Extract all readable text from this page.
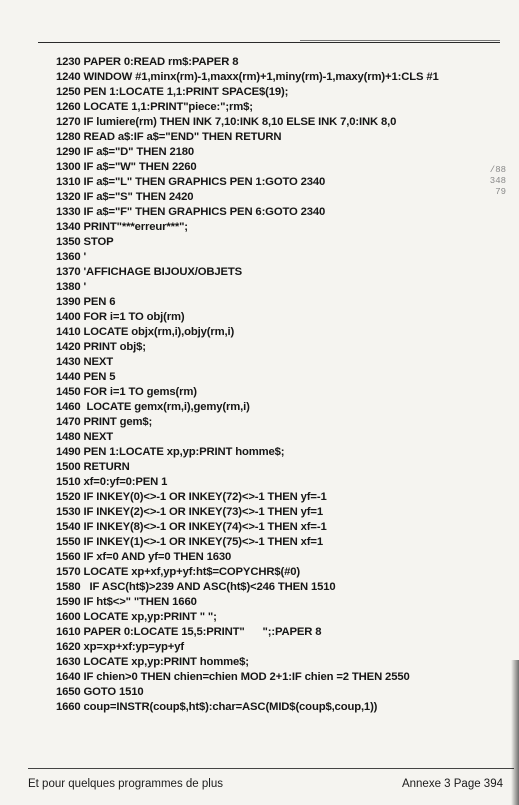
1230 PAPER 0:READ rm$:PAPER 8
1240 WINDOW #1,minx(rm)-1,maxx(rm)+1,miny(rm)-1,maxy(rm)+1:CLS #1
1250 PEN 1:LOCATE 1,1:PRINT SPACE$(19);
1260 LOCATE 1,1:PRINT"piece:";rm$;
1270 IF lumiere(rm) THEN INK 7,10:INK 8,10 ELSE INK 7,0:INK 8,0
1280 READ a$:IF a$="END" THEN RETURN
1290 IF a$="D" THEN 2180
1300 IF a$="W" THEN 2260
1310 IF a$="L" THEN GRAPHICS PEN 1:GOTO 2340
1320 IF a$="S" THEN 2420
1330 IF a$="F" THEN GRAPHICS PEN 6:GOTO 2340
1340 PRINT"***erreur***";
1350 STOP
1360 '
1370 'AFFICHAGE BIJOUX/OBJETS
1380 '
1390 PEN 6
1400 FOR i=1 TO obj(rm)
1410 LOCATE objx(rm,i),objy(rm,i)
1420 PRINT obj$;
1430 NEXT
1440 PEN 5
1450 FOR i=1 TO gems(rm)
1460  LOCATE gemx(rm,i),gemy(rm,i)
1470 PRINT gem$;
1480 NEXT
1490 PEN 1:LOCATE xp,yp:PRINT homme$;
1500 RETURN
1510 xf=0:yf=0:PEN 1
1520 IF INKEY(0)<>-1 OR INKEY(72)<>-1 THEN yf=-1
1530 IF INKEY(2)<>-1 OR INKEY(73)<>-1 THEN yf=1
1540 IF INKEY(8)<>-1 OR INKEY(74)<>-1 THEN xf=-1
1550 IF INKEY(1)<>-1 OR INKEY(75)<>-1 THEN xf=1
1560 IF xf=0 AND yf=0 THEN 1630
1570 LOCATE xp+xf,yp+yf:ht$=COPYCHR$(#0)
1580   IF ASC(ht$)>239 AND ASC(ht$)<246 THEN 1510
1590 IF ht$<>" "THEN 1660
1600 LOCATE xp,yp:PRINT " ";
1610 PAPER 0:LOCATE 15,5:PRINT"      ";:PAPER 8
1620 xp=xp+xf:yp=yp+yf
1630 LOCATE xp,yp:PRINT homme$;
1640 IF chien>0 THEN chien=chien MOD 2+1:IF chien =2 THEN 2550
1650 GOTO 1510
1660 coup=INSTR(coup$,ht$):char=ASC(MID$(coup$,coup,1))
/88
348
79
Et pour quelques programmes de plus	Annexe 3 Page 394
